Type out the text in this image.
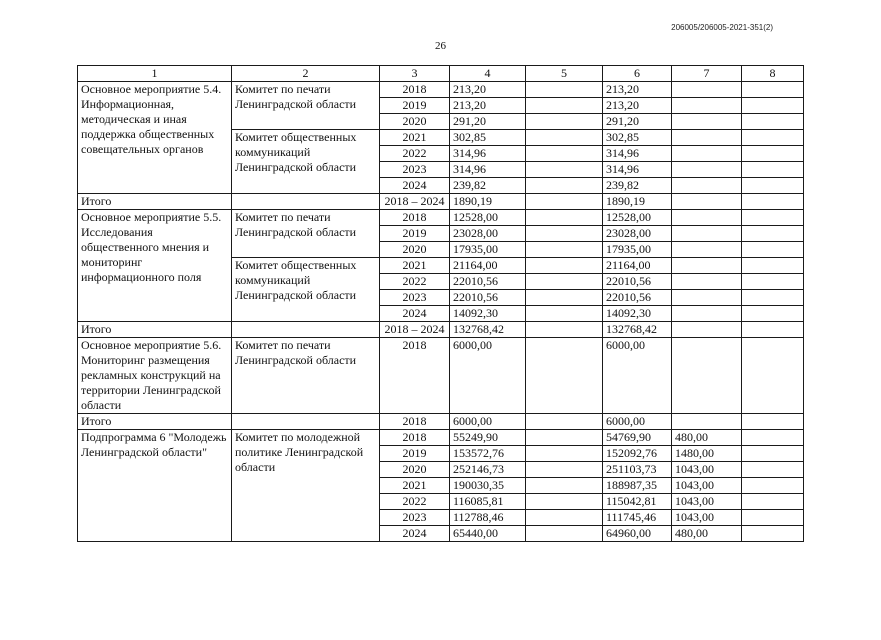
206005/206005-2021-351(2)
26
1	2	3	4	5	6	7	8
Основное мероприятие 5.4. Информационная, методическая и иная поддержка общественных совещательных органов	Комитет по печати Ленинградской области	2018	213,20		213,20		
		2019	213,20		213,20		
		2020	291,20		291,20		
	Комитет общественных коммуникаций Ленинградской области	2021	302,85		302,85		
		2022	314,96		314,96		
		2023	314,96		314,96		
		2024	239,82		239,82		
Итого		2018 – 2024	1890,19		1890,19		
Основное мероприятие 5.5. Исследования общественного мнения и мониторинг информационного поля	Комитет по печати Ленинградской области	2018	12528,00		12528,00		
		2019	23028,00		23028,00		
		2020	17935,00		17935,00		
	Комитет общественных коммуникаций Ленинградской области	2021	21164,00		21164,00		
		2022	22010,56		22010,56		
		2023	22010,56		22010,56		
		2024	14092,30		14092,30		
Итого		2018 – 2024	132768,42		132768,42		
Основное мероприятие 5.6. Мониторинг размещения рекламных конструкций на территории Ленинградской области	Комитет по печати Ленинградской области	2018	6000,00		6000,00		
Итого		2018	6000,00		6000,00		
Подпрограмма 6 "Молодежь Ленинградской области"	Комитет по молодежной политике Ленинградской области	2018	55249,90		54769,90	480,00	
		2019	153572,76		152092,76	1480,00	
		2020	252146,73		251103,73	1043,00	
		2021	190030,35		188987,35	1043,00	
		2022	116085,81		115042,81	1043,00	
		2023	112788,46		111745,46	1043,00	
		2024	65440,00		64960,00	480,00	
